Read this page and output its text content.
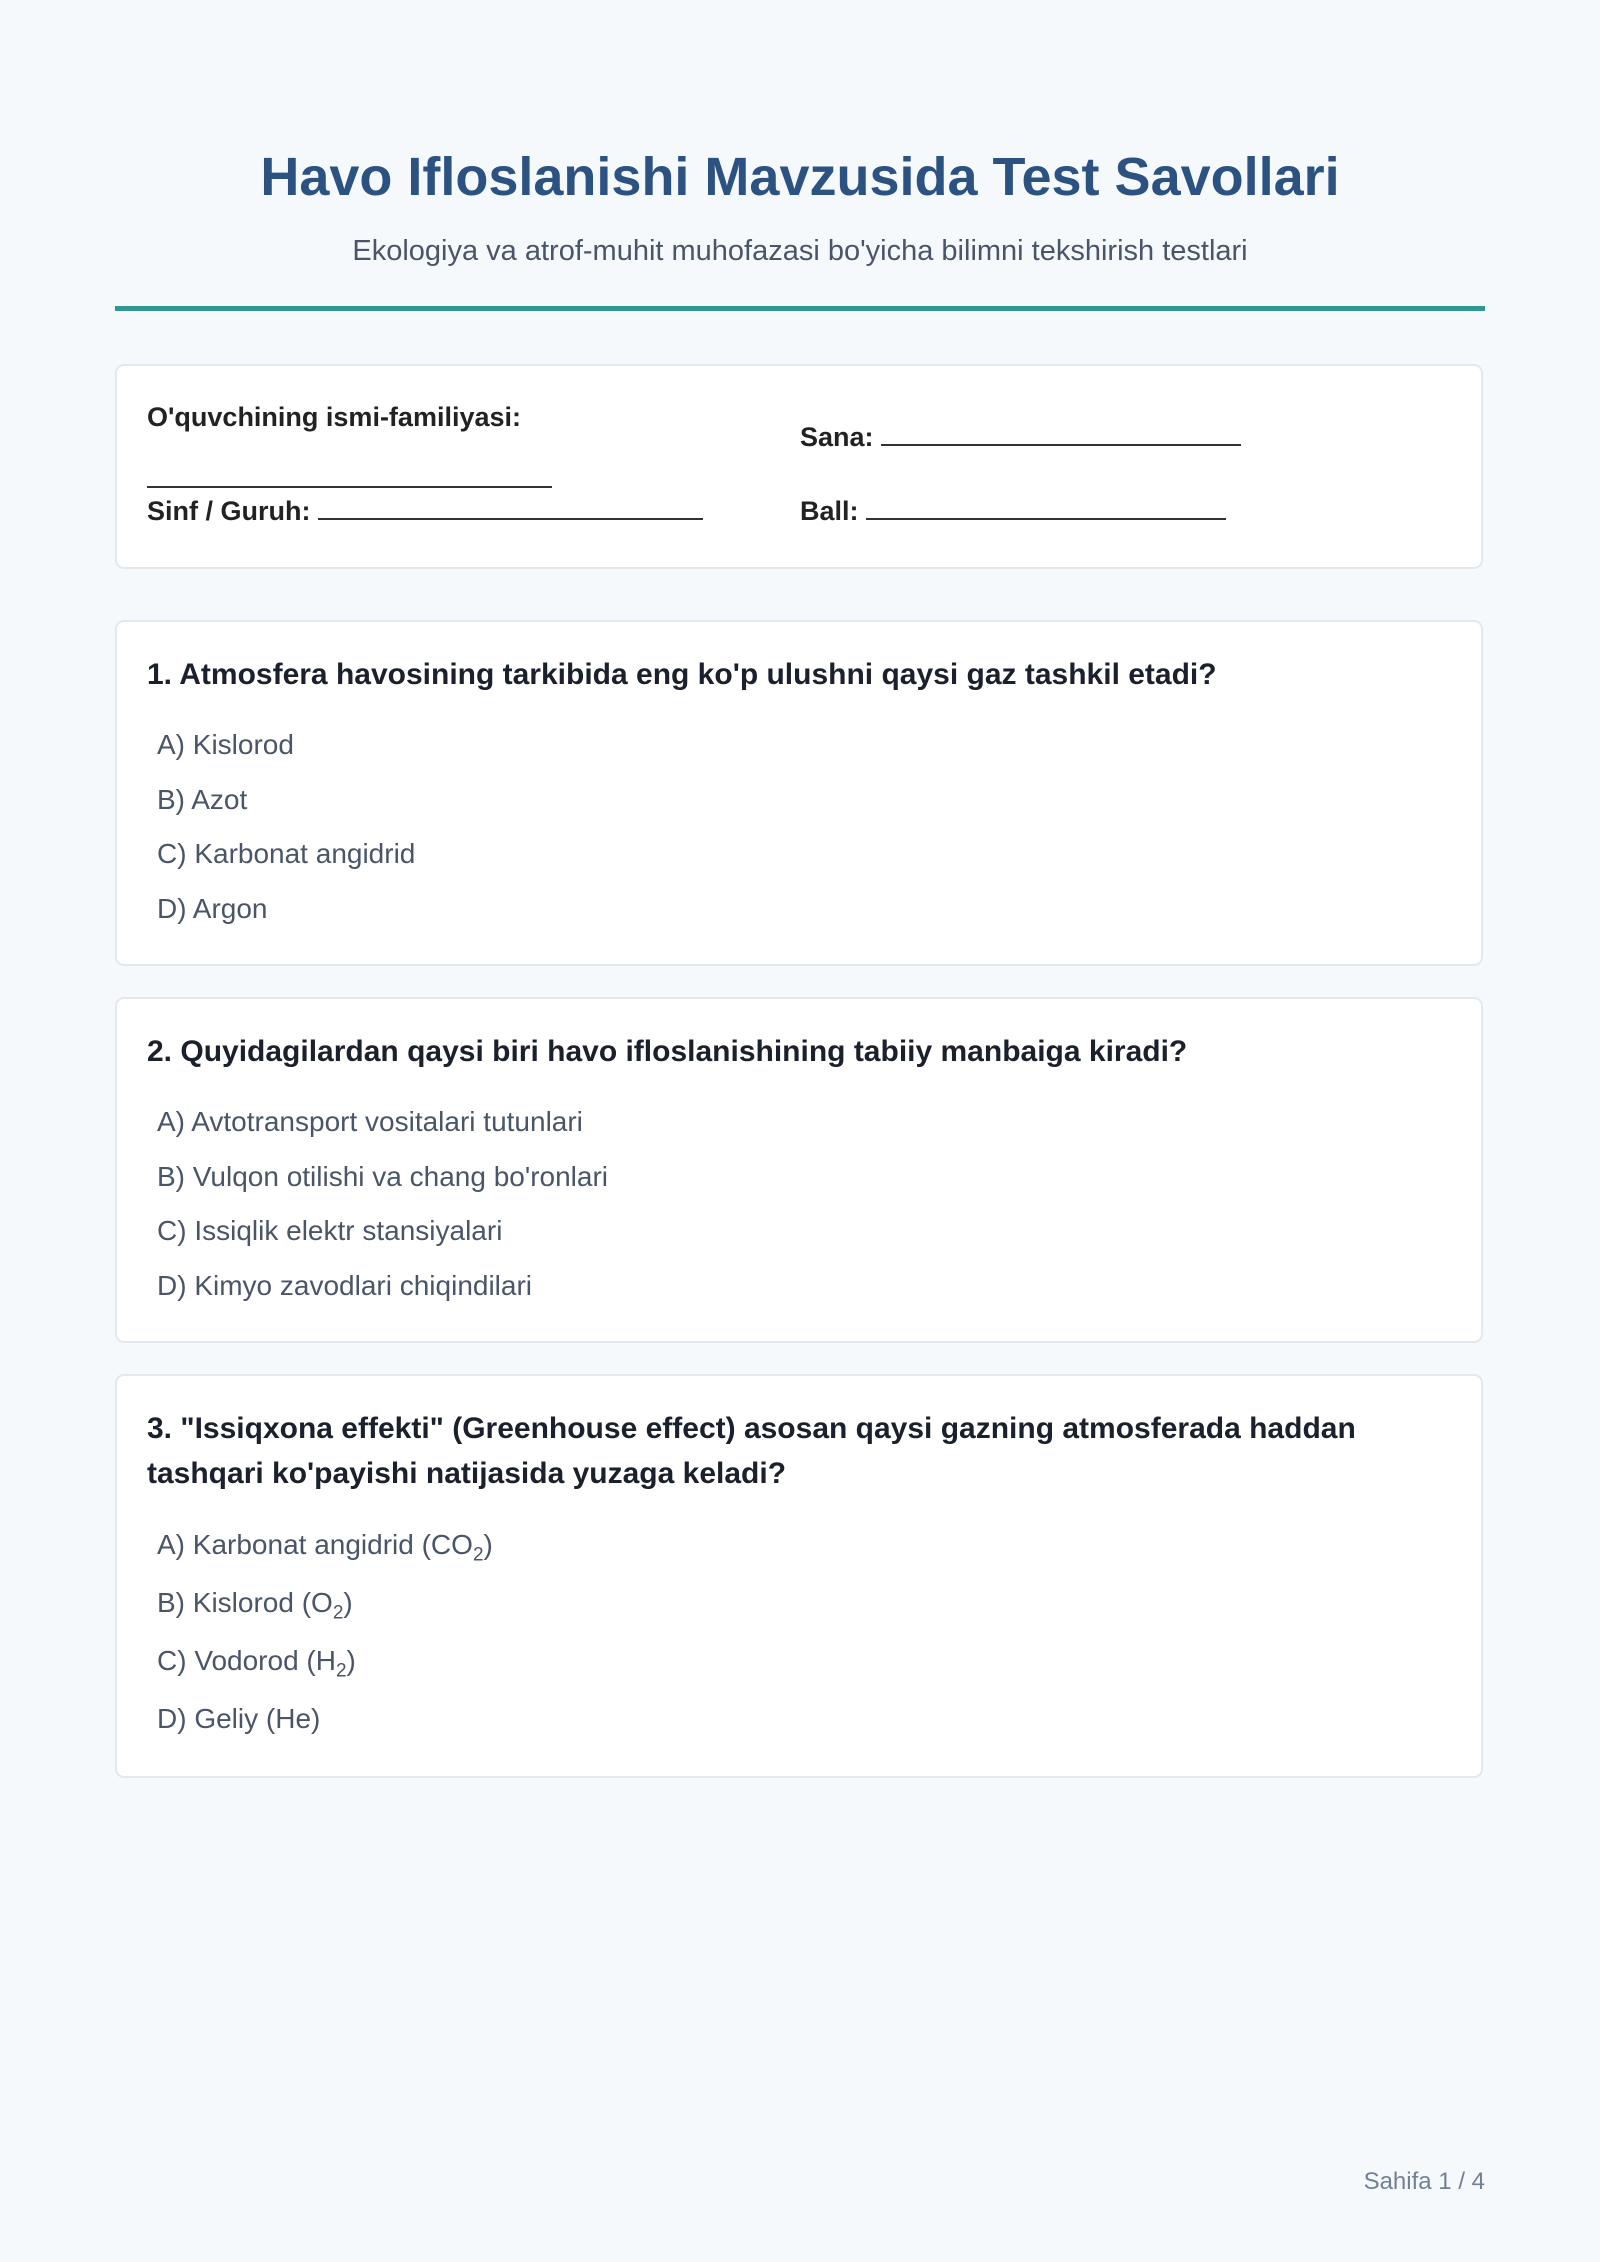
Havo Ifloslanishi Mavzusida Test Savollari
Ekologiya va atrof-muhit muhofazasi bo'yicha bilimni tekshirish testlari
O'quvchining ismi-familiyasi:
Sinf / Guruh:
Sana:
Ball:
1. Atmosfera havosining tarkibida eng ko'p ulushni qaysi gaz tashkil etadi?
A) Kislorod
B) Azot
C) Karbonat angidrid
D) Argon
2. Quyidagilardan qaysi biri havo ifloslanishining tabiiy manbaiga kiradi?
A) Avtotransport vositalari tutunlari
B) Vulqon otilishi va chang bo'ronlari
C) Issiqlik elektr stansiyalari
D) Kimyo zavodlari chiqindilari
3. "Issiqxona effekti" (Greenhouse effect) asosan qaysi gazning atmosferada haddan tashqari ko'payishi natijasida yuzaga keladi?
A) Karbonat angidrid $(CO_2)$
B) Kislorod $(O_2)$
C) Vodorod $(H_2)$
D) Geliy (He)
Sahifa 1 / 4
